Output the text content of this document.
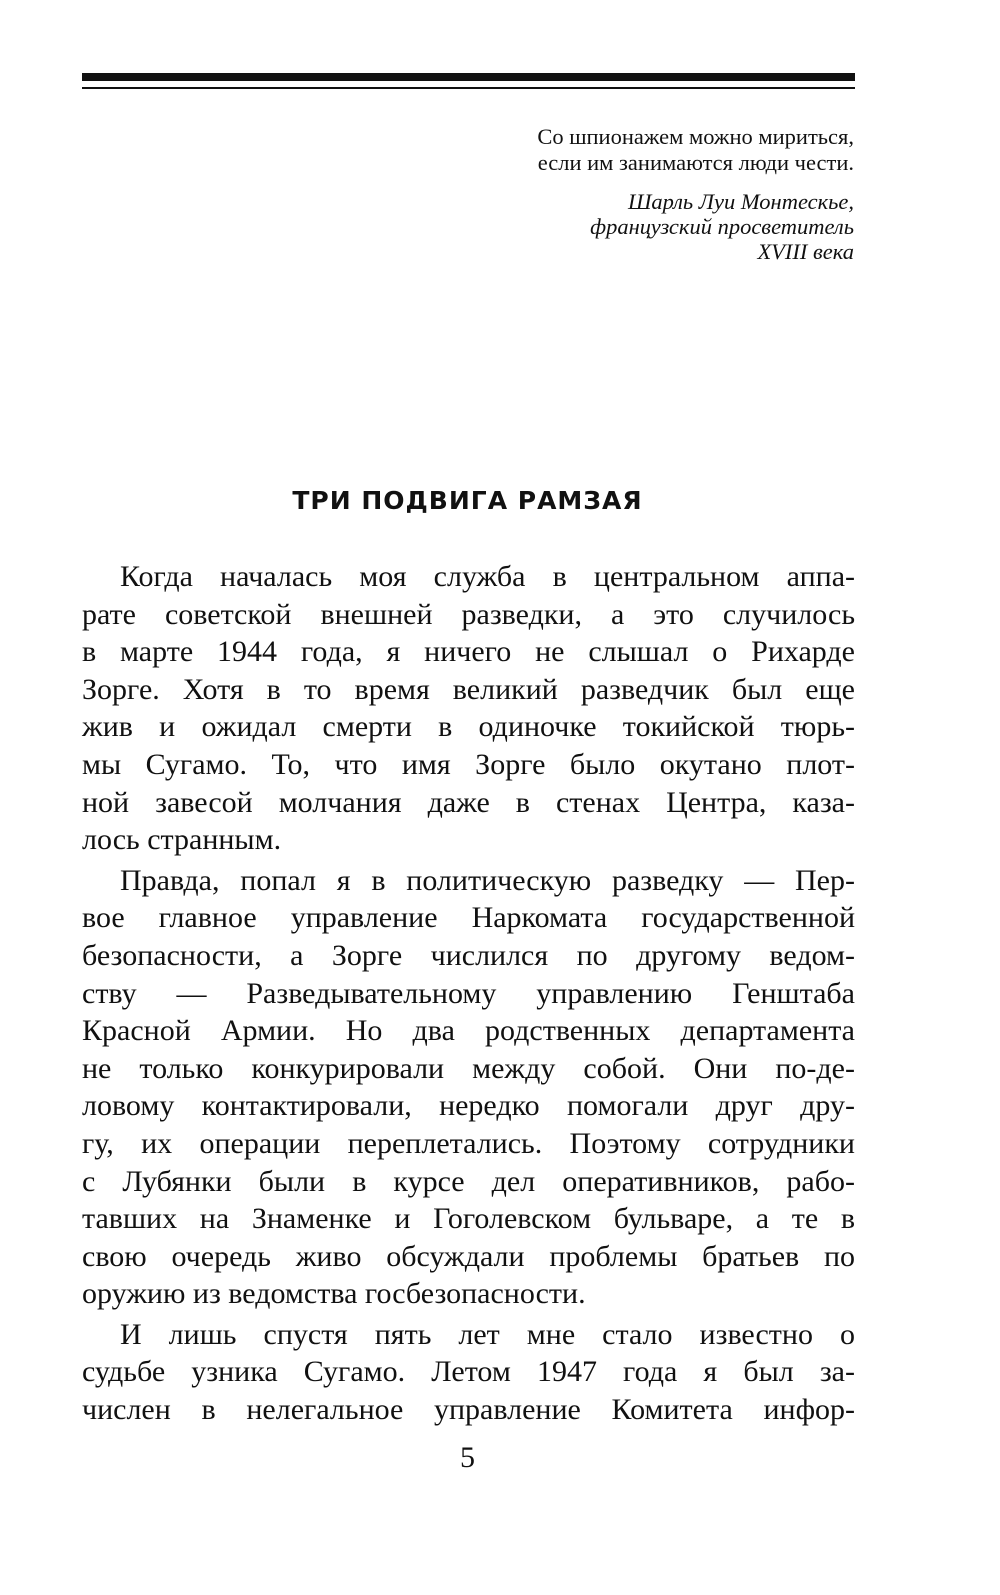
Со шпионажем можно мириться,
если им занимаются люди чести.
Шарль Луи Монтескье,
французский просветитель
XVIII века
ТРИ ПОДВИГА РАМЗАЯ
Когда началась моя служба в центральном аппа-
рате советской внешней разведки, а это случилось
в марте 1944 года, я ничего не слышал о Рихарде
Зорге. Хотя в то время великий разведчик был еще
жив и ожидал смерти в одиночке токийской тюрь-
мы Сугамо. То, что имя Зорге было окутано плот-
ной завесой молчания даже в стенах Центра, каза-
лось странным.
Правда, попал я в политическую разведку — Пер-
вое главное управление Наркомата государственной
безопасности, а Зорге числился по другому ведом-
ству — Разведывательному управлению Генштаба
Красной Армии. Но два родственных департамента
не только конкурировали между собой. Они по-де-
ловому контактировали, нередко помогали друг дру-
гу, их операции переплетались. Поэтому сотрудники
с Лубянки были в курсе дел оперативников, рабо-
тавших на Знаменке и Гоголевском бульваре, а те в
свою очередь живо обсуждали проблемы братьев по
оружию из ведомства госбезопасности.
И лишь спустя пять лет мне стало известно о
судьбе узника Сугамо. Летом 1947 года я был за-
числен в нелегальное управление Комитета инфор-
5
